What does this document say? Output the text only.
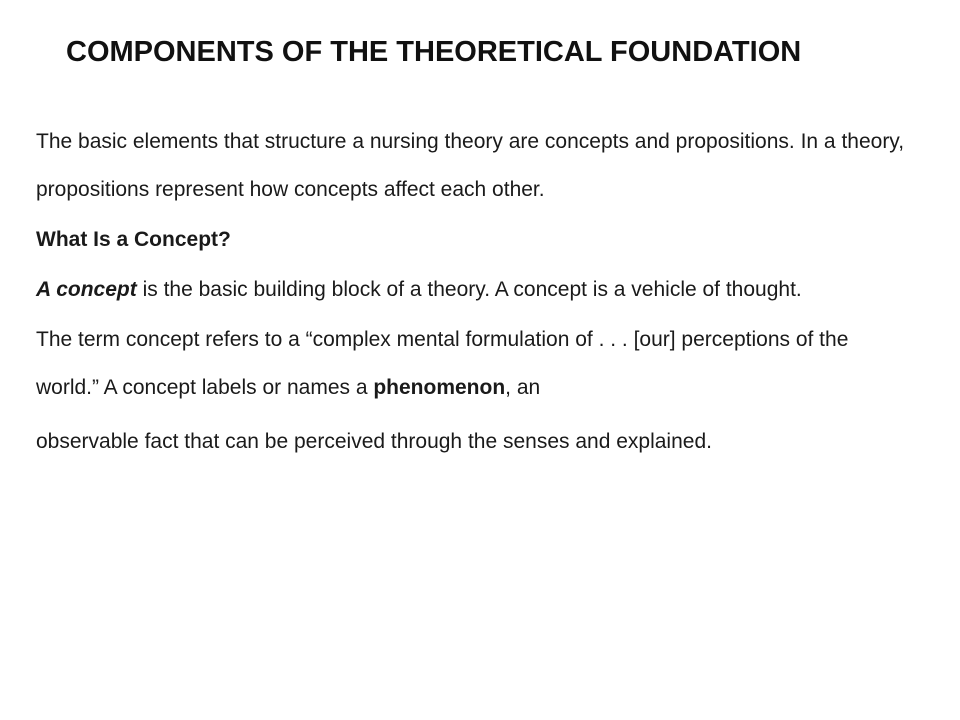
COMPONENTS OF THE THEORETICAL FOUNDATION

The basic elements that structure a nursing theory are concepts and propositions. In a theory, propositions represent how concepts affect each other.

What Is a Concept?

A concept is the basic building block of a theory. A concept is a vehicle of thought.

The term concept refers to a “complex mental formulation of . . . [our] perceptions of the world.” A concept labels or names a phenomenon, an
observable fact that can be perceived through the senses and explained.
